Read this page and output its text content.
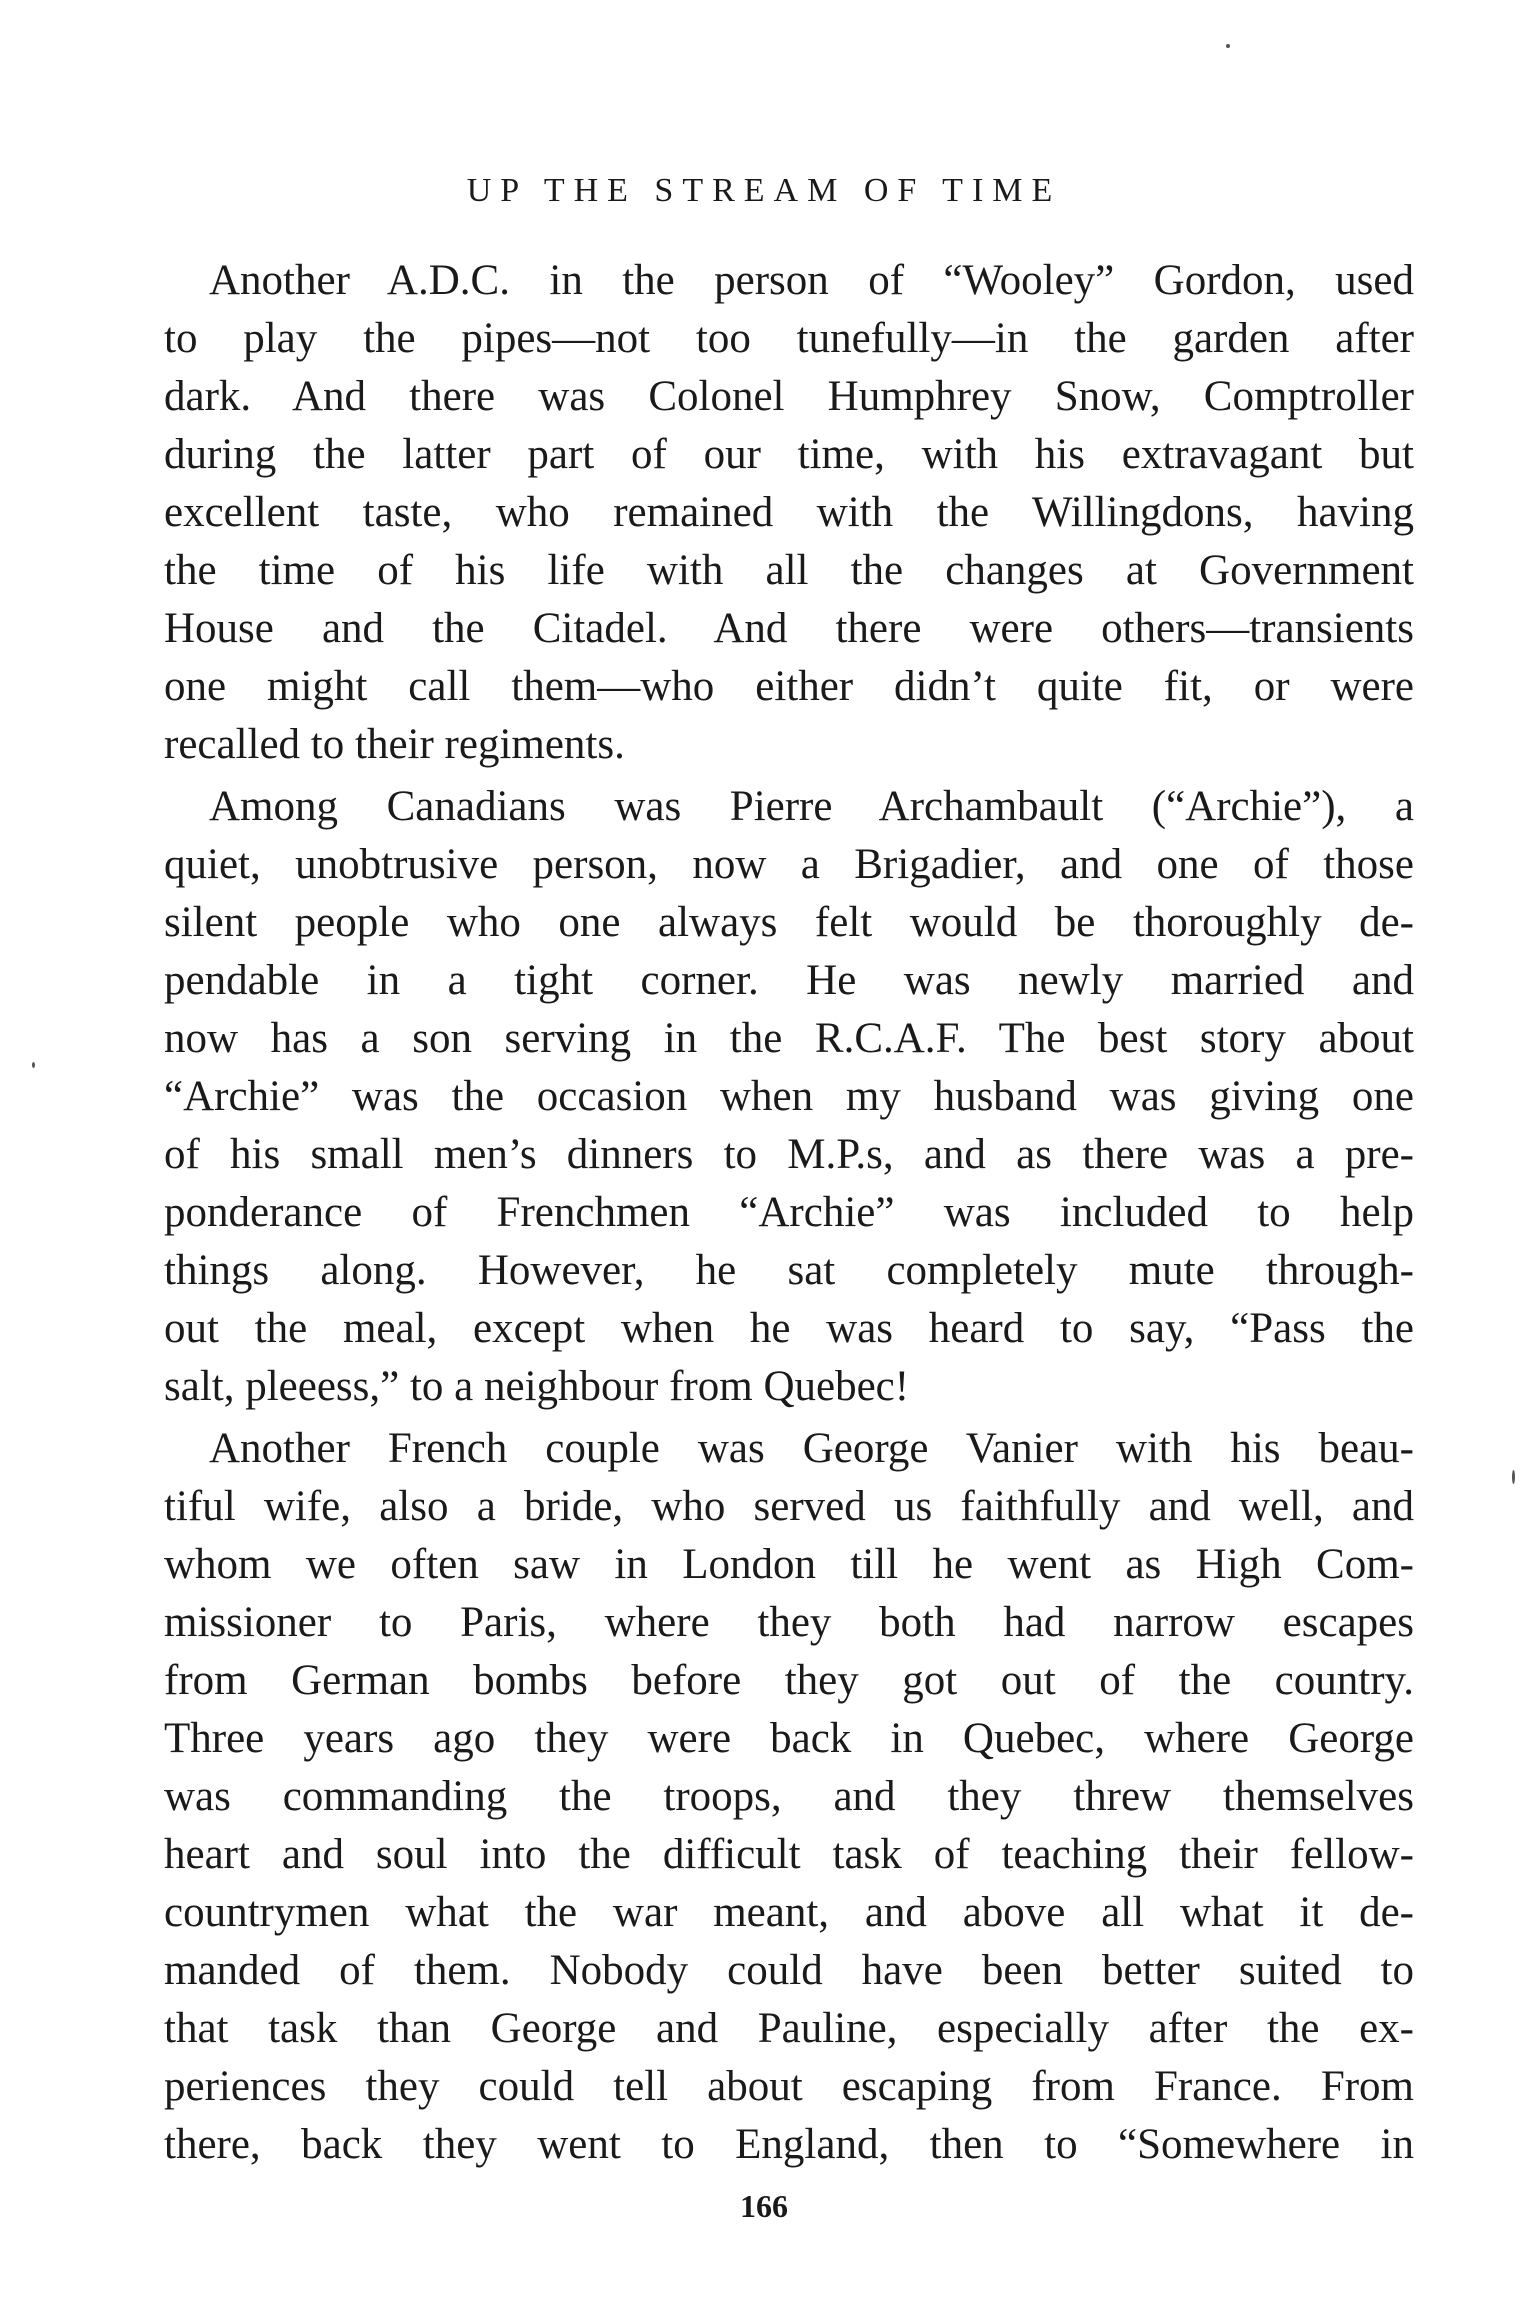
UP THE STREAM OF TIME
Another A.D.C. in the person of “Wooley” Gordon, used
to play the pipes—not too tunefully—in the garden after
dark. And there was Colonel Humphrey Snow, Comptroller
during the latter part of our time, with his extravagant but
excellent taste, who remained with the Willingdons, having
the time of his life with all the changes at Government
House and the Citadel. And there were others—transients
one might call them—who either didn’t quite fit, or were
recalled to their regiments.
Among Canadians was Pierre Archambault (“Archie”), a
quiet, unobtrusive person, now a Brigadier, and one of those
silent people who one always felt would be thoroughly de-
pendable in a tight corner. He was newly married and
now has a son serving in the R.C.A.F. The best story about
“Archie” was the occasion when my husband was giving one
of his small men’s dinners to M.P.s, and as there was a pre-
ponderance of Frenchmen “Archie” was included to help
things along. However, he sat completely mute through-
out the meal, except when he was heard to say, “Pass the
salt, pleeess,” to a neighbour from Quebec!
Another French couple was George Vanier with his beau-
tiful wife, also a bride, who served us faithfully and well, and
whom we often saw in London till he went as High Com-
missioner to Paris, where they both had narrow escapes
from German bombs before they got out of the country.
Three years ago they were back in Quebec, where George
was commanding the troops, and they threw themselves
heart and soul into the difficult task of teaching their fellow-
countrymen what the war meant, and above all what it de-
manded of them. Nobody could have been better suited to
that task than George and Pauline, especially after the ex-
periences they could tell about escaping from France. From
there, back they went to England, then to “Somewhere in
166
